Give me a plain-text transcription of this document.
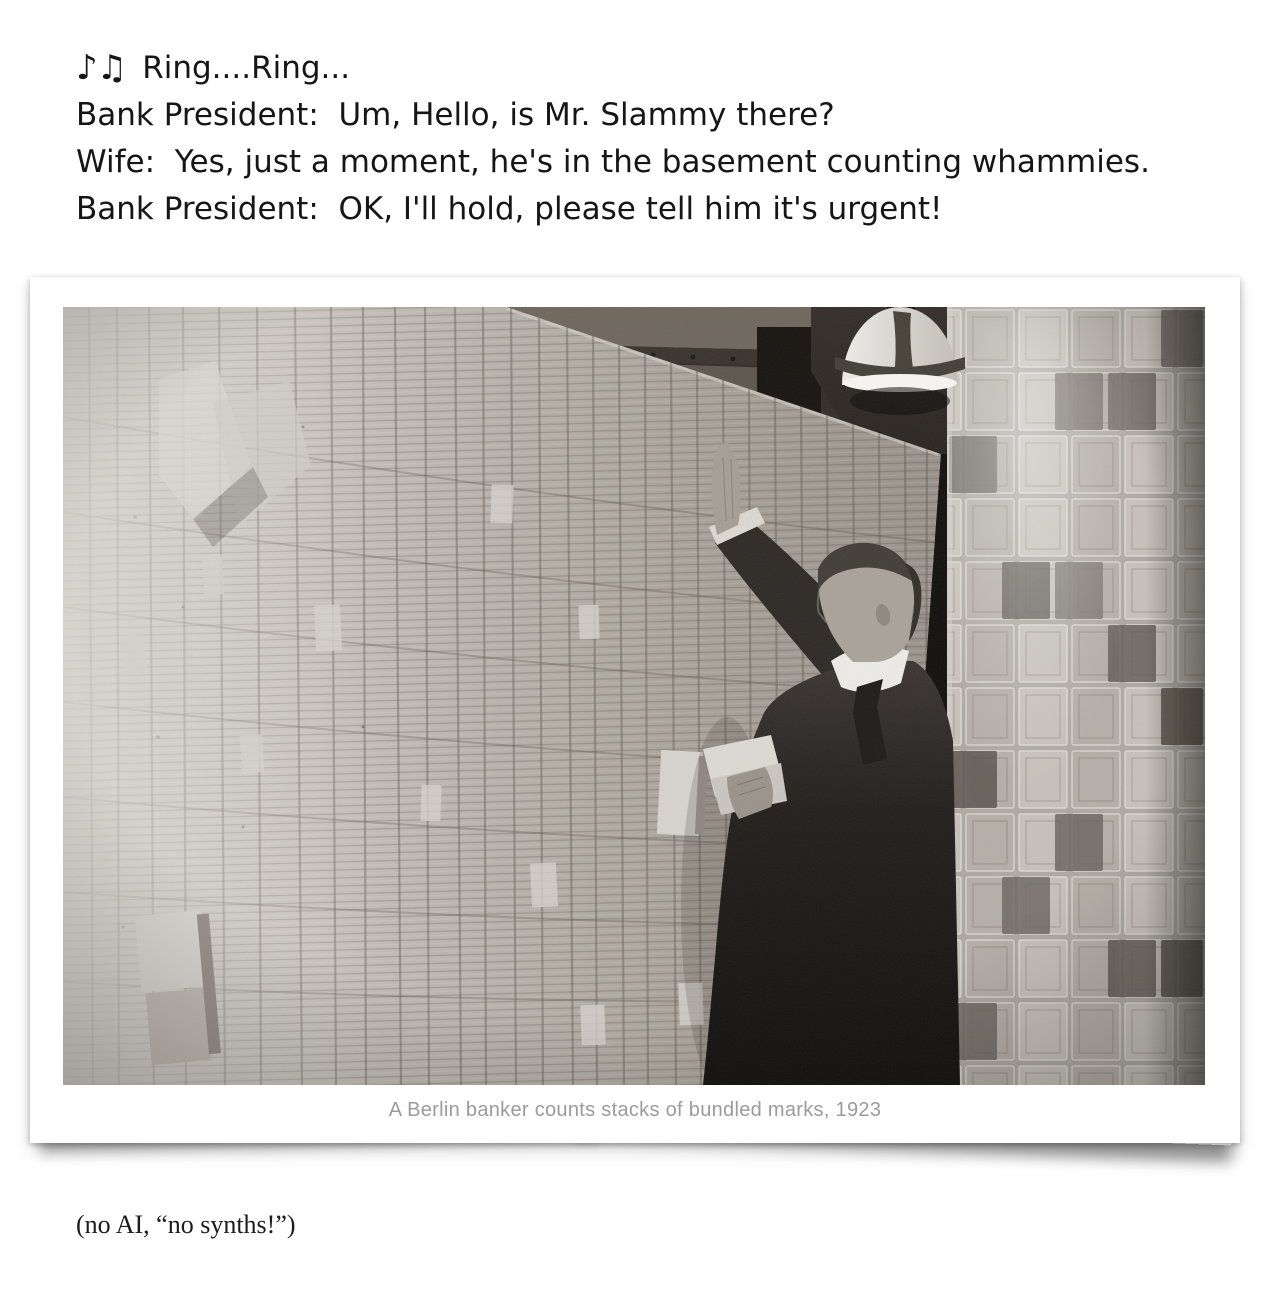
♪♫ Ring....Ring...
Bank President:  Um, Hello, is Mr. Slammy there?
Wife:  Yes, just a moment, he's in the basement counting whammies.
Bank President:  OK, I'll hold, please tell him it's urgent!
A Berlin banker counts stacks of bundled marks, 1923
(no AI, “no synths!”)
